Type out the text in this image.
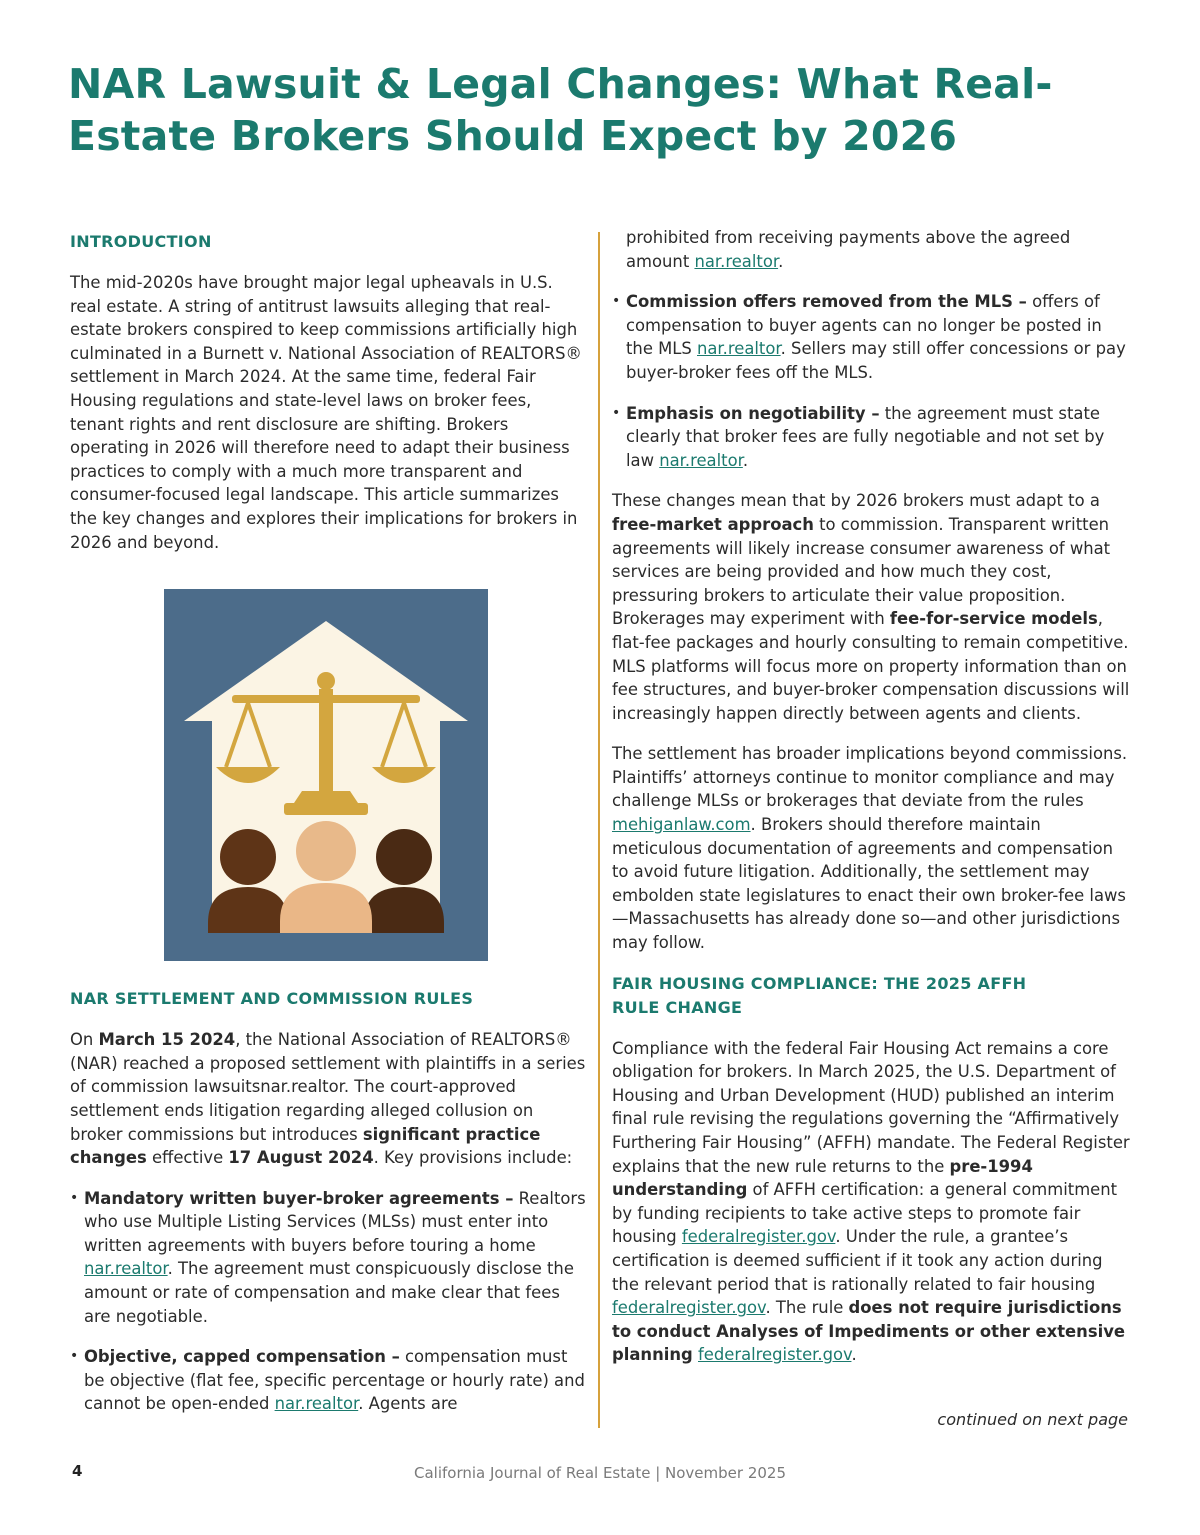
NAR Lawsuit & Legal Changes: What Real-Estate Brokers Should Expect by 2026
INTRODUCTION

The mid-2020s have brought major legal upheavals in U.S. real estate. A string of antitrust lawsuits alleging that real-estate brokers conspired to keep commissions artificially high culminated in a Burnett v. National Association of REALTORS® settlement in March 2024. At the same time, federal Fair Housing regulations and state-level laws on broker fees, tenant rights and rent disclosure are shifting. Brokers operating in 2026 will therefore need to adapt their business practices to comply with a much more transparent and consumer-focused legal landscape. This article summarizes the key changes and explores their implications for brokers in 2026 and beyond.

NAR SETTLEMENT AND COMMISSION RULES

On March 15 2024, the National Association of REALTORS® (NAR) reached a proposed settlement with plaintiffs in a series of commission lawsuitsnar.realtor. The court-approved settlement ends litigation regarding alleged collusion on broker commissions but introduces significant practice changes effective 17 August 2024. Key provisions include:

• Mandatory written buyer-broker agreements – Realtors who use Multiple Listing Services (MLSs) must enter into written agreements with buyers before touring a home nar.realtor. The agreement must conspicuously disclose the amount or rate of compensation and make clear that fees are negotiable.
• Objective, capped compensation – compensation must be objective (flat fee, specific percentage or hourly rate) and cannot be open-ended nar.realtor. Agents are

prohibited from receiving payments above the agreed amount nar.realtor.

• Commission offers removed from the MLS – offers of compensation to buyer agents can no longer be posted in the MLS nar.realtor. Sellers may still offer concessions or pay buyer-broker fees off the MLS.
• Emphasis on negotiability – the agreement must state clearly that broker fees are fully negotiable and not set by law nar.realtor.

These changes mean that by 2026 brokers must adapt to a free-market approach to commission. Transparent written agreements will likely increase consumer awareness of what services are being provided and how much they cost, pressuring brokers to articulate their value proposition. Brokerages may experiment with fee-for-service models, flat-fee packages and hourly consulting to remain competitive. MLS platforms will focus more on property information than on fee structures, and buyer-broker compensation discussions will increasingly happen directly between agents and clients.

The settlement has broader implications beyond commissions. Plaintiffs’ attorneys continue to monitor compliance and may challenge MLSs or brokerages that deviate from the rules mehiganlaw.com. Brokers should therefore maintain meticulous documentation of agreements and compensation to avoid future litigation. Additionally, the settlement may embolden state legislatures to enact their own broker-fee laws—Massachusetts has already done so—and other jurisdictions may follow.

FAIR HOUSING COMPLIANCE: THE 2025 AFFH
RULE CHANGE

Compliance with the federal Fair Housing Act remains a core obligation for brokers. In March 2025, the U.S. Department of Housing and Urban Development (HUD) published an interim final rule revising the regulations governing the “Affirmatively Furthering Fair Housing” (AFFH) mandate. The Federal Register explains that the new rule returns to the pre-1994 understanding of AFFH certification: a general commitment by funding recipients to take active steps to promote fair housing federalregister.gov. Under the rule, a grantee’s certification is deemed sufficient if it took any action during the relevant period that is rationally related to fair housing federalregister.gov. The rule does not require jurisdictions to conduct Analyses of Impediments or other extensive planning federalregister.gov.

continued on next page
4	California Journal of Real Estate | November 2025
